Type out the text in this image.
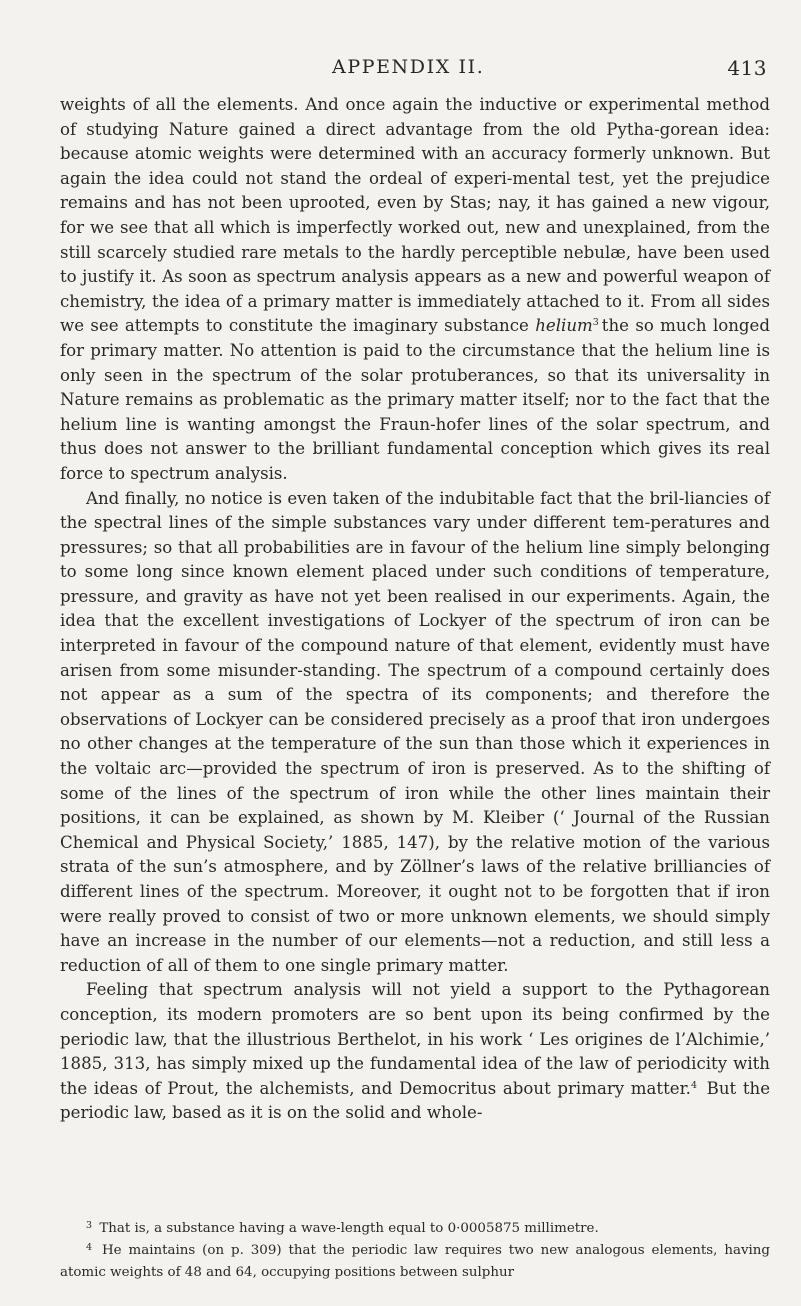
APPENDIX II.	413

weights of all the elements. And once again the inductive or experimental method of studying Nature gained a direct advantage from the old Pytha-gorean idea: because atomic weights were determined with an accuracy formerly unknown. But again the idea could not stand the ordeal of experi-mental test, yet the prejudice remains and has not been uprooted, even by Stas; nay, it has gained a new vigour, for we see that all which is imperfectly worked out, new and unexplained, from the still scarcely studied rare metals to the hardly perceptible nebulæ, have been used to justify it. As soon as spectrum analysis appears as a new and powerful weapon of chemistry, the idea of a primary matter is immediately attached to it. From all sides we see attempts to constitute the imaginary substance helium$^3$ the so much longed for primary matter. No attention is paid to the circumstance that the helium line is only seen in the spectrum of the solar protuberances, so that its universality in Nature remains as problematic as the primary matter itself; nor to the fact that the helium line is wanting amongst the Fraun-hofer lines of the solar spectrum, and thus does not answer to the brilliant fundamental conception which gives its real force to spectrum analysis.

And finally, no notice is even taken of the indubitable fact that the bril-liancies of the spectral lines of the simple substances vary under different tem-peratures and pressures; so that all probabilities are in favour of the helium line simply belonging to some long since known element placed under such conditions of temperature, pressure, and gravity as have not yet been realised in our experiments. Again, the idea that the excellent investigations of Lockyer of the spectrum of iron can be interpreted in favour of the compound nature of that element, evidently must have arisen from some misunder-standing. The spectrum of a compound certainly does not appear as a sum of the spectra of its components; and therefore the observations of Lockyer can be considered precisely as a proof that iron undergoes no other changes at the temperature of the sun than those which it experiences in the voltaic arc—provided the spectrum of iron is preserved. As to the shifting of some of the lines of the spectrum of iron while the other lines maintain their positions, it can be explained, as shown by M. Kleiber (‘ Journal of the Russian Chemical and Physical Society,’ 1885, 147), by the relative motion of the various strata of the sun’s atmosphere, and by Zöllner’s laws of the relative brilliancies of different lines of the spectrum. Moreover, it ought not to be forgotten that if iron were really proved to consist of two or more unknown elements, we should simply have an increase in the number of our elements—not a reduction, and still less a reduction of all of them to one single primary matter.

Feeling that spectrum analysis will not yield a support to the Pythagorean conception, its modern promoters are so bent upon its being confirmed by the periodic law, that the illustrious Berthelot, in his work ‘ Les origines de l’Alchimie,’ 1885, 313, has simply mixed up the fundamental idea of the law of periodicity with the ideas of Prout, the alchemists, and Democritus about primary matter.$^4$ But the periodic law, based as it is on the solid and whole-

$^3$ That is, a substance having a wave-length equal to 0·0005875 millimetre.

$^4$ He maintains (on p. 309) that the periodic law requires two new analogous elements, having atomic weights of 48 and 64, occupying positions between sulphur
